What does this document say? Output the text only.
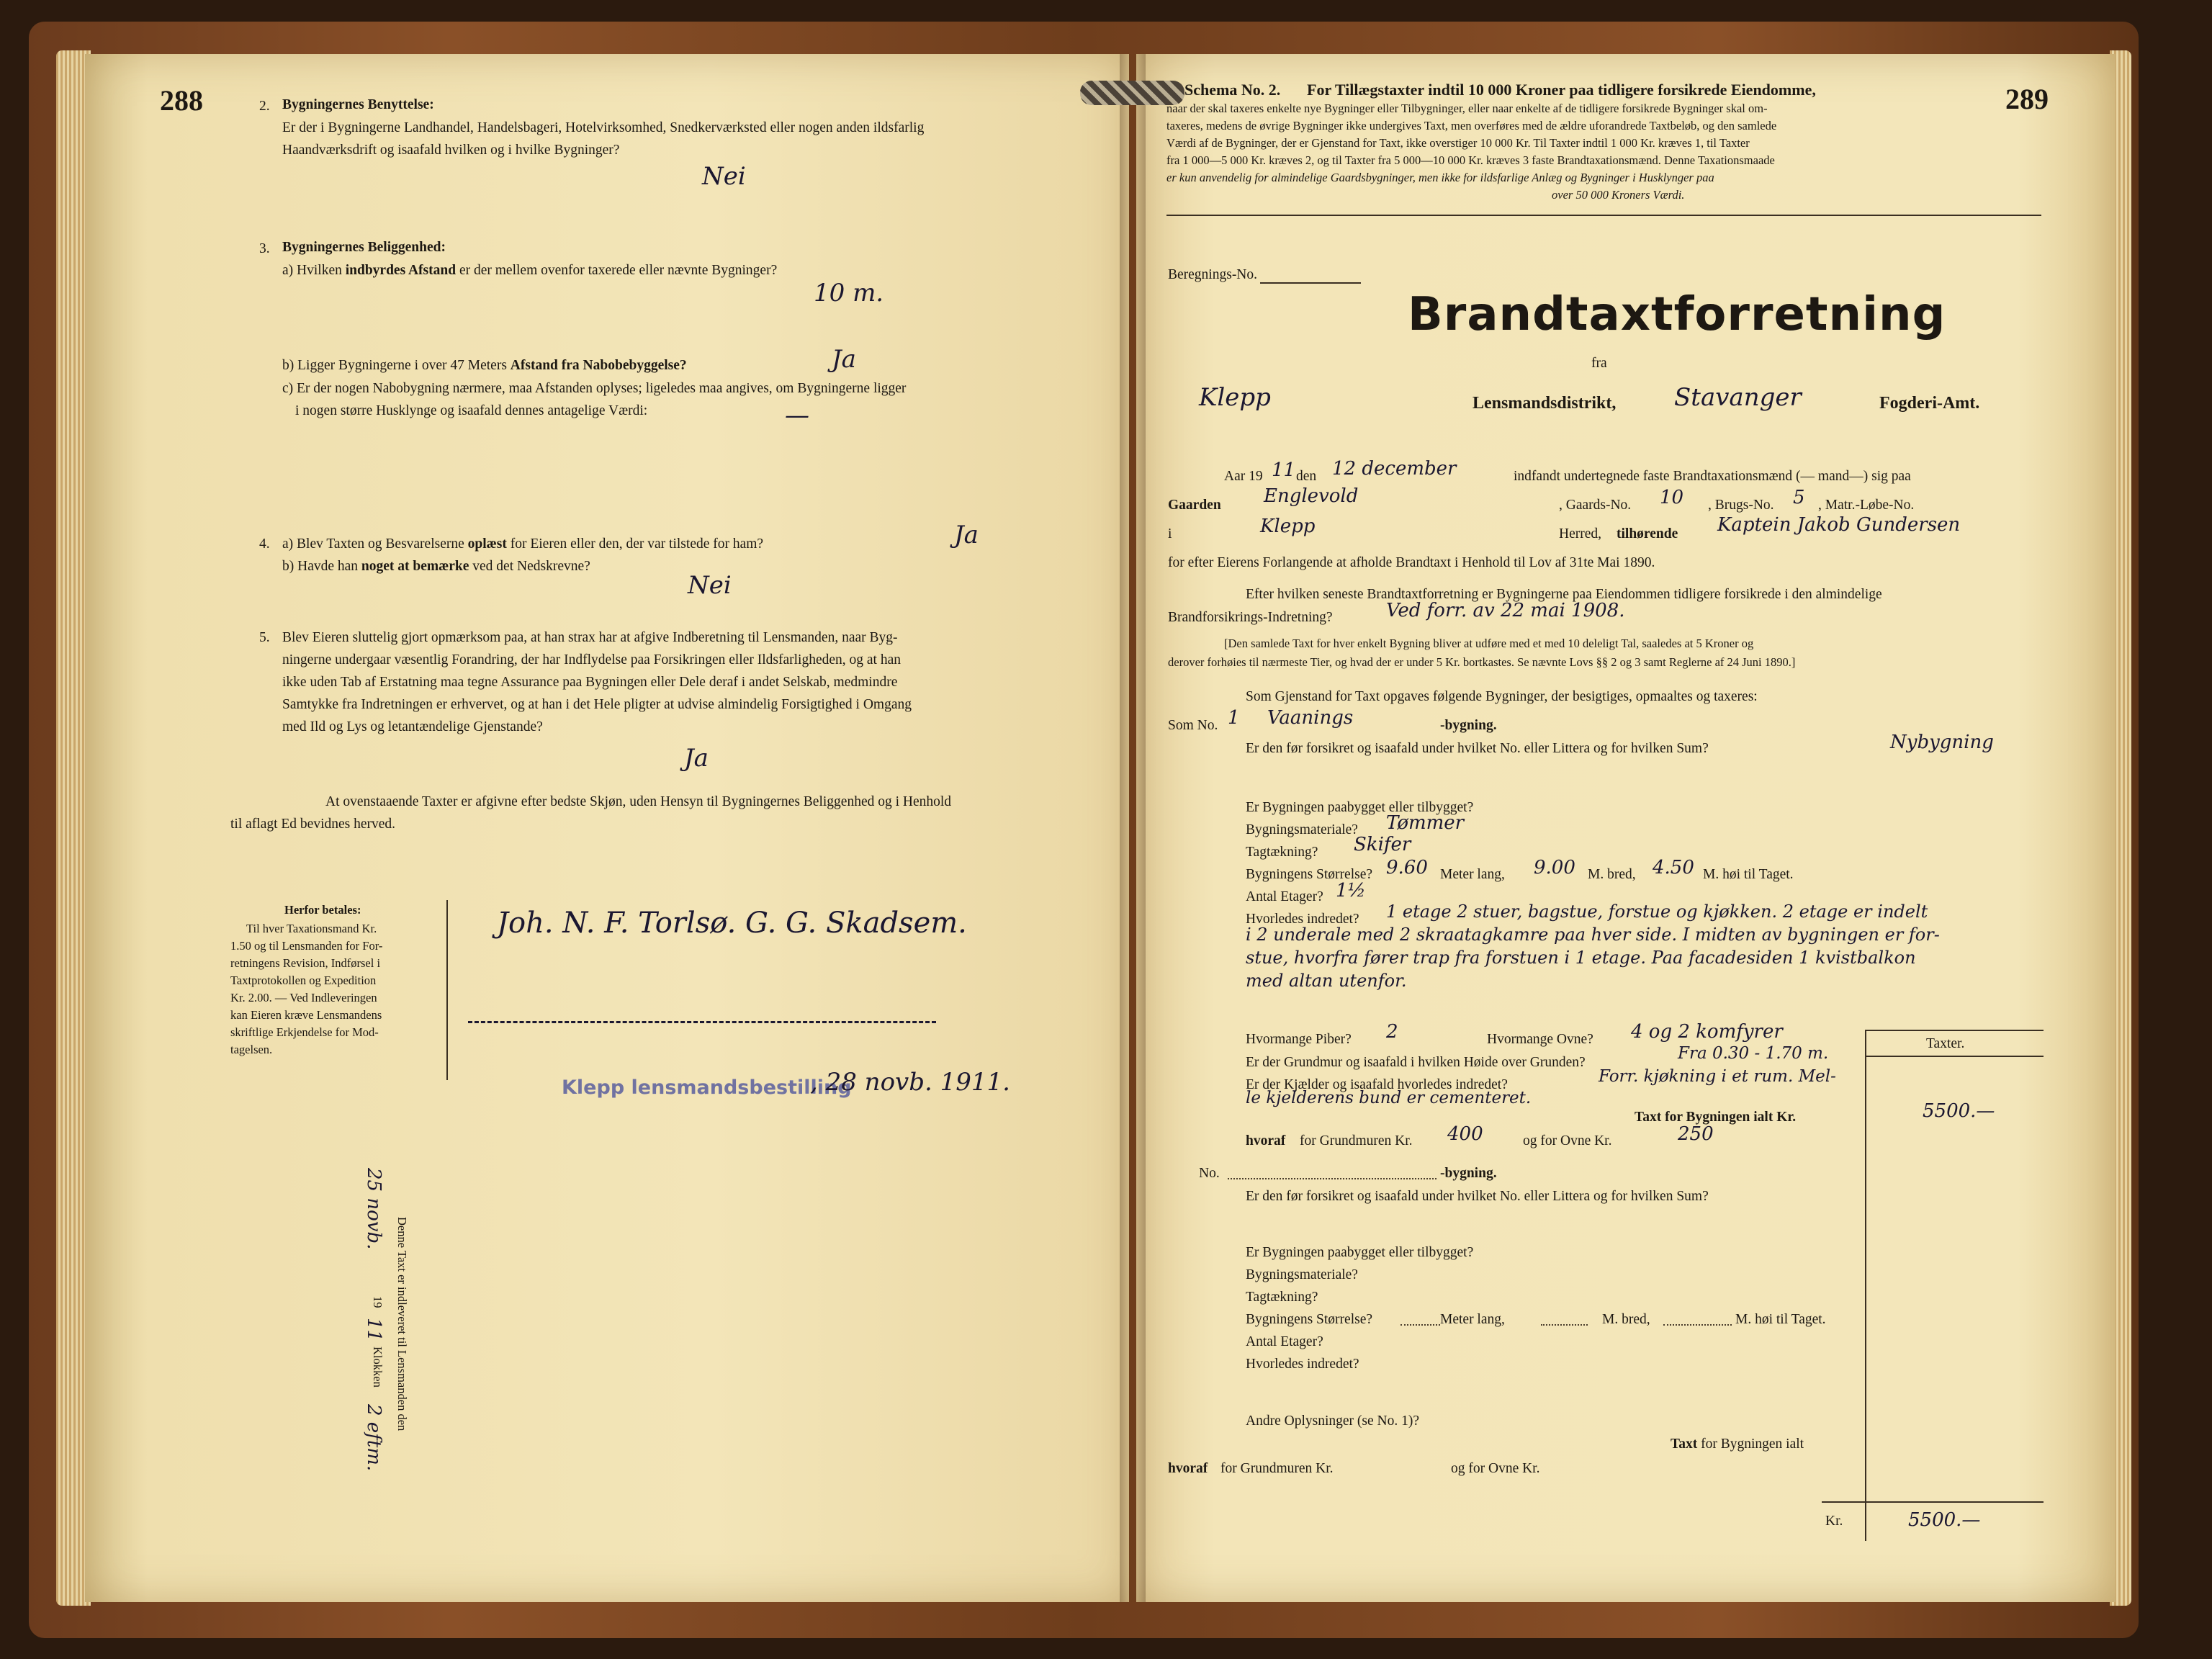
288	2. Bygningernes Benyttelse:
Er der i Bygningerne Landhandel, Handelsbageri, Hotelvirksomhed, Snedkerværksted eller nogen anden ildsfarlig
Haandværksdrift og isaafald hvilken og i hvilke Bygninger?
Nei
3. Bygningernes Beliggenhed:
a) Hvilken indbyrdes Afstand er der mellem ovenfor taxerede eller nævnte Bygninger?
10 m.
b) Ligger Bygningerne i over 47 Meters Afstand fra Nabobebyggelse?	Ja
c) Er der nogen Nabobygning nærmere, maa Afstanden oplyses; ligeledes maa angives, om Bygningerne ligger
i nogen større Husklynge og isaafald dennes antagelige Værdi:	—
4. a) Blev Taxten og Besvarelserne oplæst for Eieren eller den, der var tilstede for ham?	Ja
b) Havde han noget at bemærke ved det Nedskrevne?
Nei
5. Blev Eieren sluttelig gjort opmærksom paa, at han strax har at afgive Indberetning til Lensmanden, naar Byg-
ningerne undergaar væsentlig Forandring, der har Indflydelse paa Forsikringen eller Ildsfarligheden, og at han
ikke uden Tab af Erstatning maa tegne Assurance paa Bygningen eller Dele deraf i andet Selskab, medmindre
Samtykke fra Indretningen er erhvervet, og at han i det Hele pligter at udvise almindelig Forsigtighed i Omgang
med Ild og Lys og letantændelige Gjenstande?
Ja
At ovenstaaende Taxter er afgivne efter bedste Skjøn, uden Hensyn til Bygningernes Beliggenhed og i Henhold
til aflagt Ed bevidnes herved.
Herfor betales:
Til hver Taxationsmand Kr.
1.50 og til Lensmanden for For-
retningens Revision, Indførsel i
Taxtprotokollen og Expedition
Kr. 2.00. — Ved Indleveringen
kan Eieren kræve Lensmandens
skriftlige Erkjendelse for Mod-
tagelsen.
Joh. N. F. Torlsø. G. G. Skadsem.
Klepp lensmandsbestilling
, 28 novb. 1911.
Denne Taxt er indleveret til Lensmanden den
25 novb.
19
11
Klokken
2 eftm.
Schema No. 2. For Tillægstaxter indtil 10 000 Kroner paa tidligere forsikrede Eiendomme,	289
naar der skal taxeres enkelte nye Bygninger eller Tilbygninger, eller naar enkelte af de tidligere forsikrede Bygninger skal om-
taxeres, medens de øvrige Bygninger ikke undergives Taxt, men overføres med de ældre uforandrede Taxtbeløb, og den samlede
Værdi af de Bygninger, der er Gjenstand for Taxt, ikke overstiger 10 000 Kr. Til Taxter indtil 1 000 Kr. kræves 1, til Taxter
fra 1 000—5 000 Kr. kræves 2, og til Taxter fra 5 000—10 000 Kr. kræves 3 faste Brandtaxationsmænd. Denne Taxationsmaade
er kun anvendelig for almindelige Gaardsbygninger, men ikke for ildsfarlige Anlæg og Bygninger i Husklynger paa
over 50 000 Kroners Værdi.
Beregnings-No.
Brandtaxtforretning
fra
Klepp	Lensmandsdistrikt, Stavanger	Fogderi-Amt.
Aar 19 11 den 12 december	indfandt undertegnede faste Brandtaxationsmænd (— mand—) sig paa
Gaarden Englevold	, Gaards-No. 10 , Brugs-No. 5 , Matr.-Løbe-No.
i	Klepp	Herred, tilhørende Kaptein Jakob Gundersen
for efter Eierens Forlangende at afholde Brandtaxt i Henhold til Lov af 31te Mai 1890.
Efter hvilken seneste Brandtaxtforretning er Bygningerne paa Eiendommen tidligere forsikrede i den almindelige
Brandforsikrings-Indretning?	Ved forr. av 22 mai 1908.
[Den samlede Taxt for hver enkelt Bygning bliver at udføre med et med 10 deleligt Tal, saaledes at 5 Kroner og
derover forhøies til nærmeste Tier, og hvad der er under 5 Kr. bortkastes. Se nævnte Lovs §§ 2 og 3 samt Reglerne af 24 Juni 1890.]
Som Gjenstand for Taxt opgaves følgende Bygninger, der besigtiges, opmaaltes og taxeres:
Som No. 1 Vaanings	-bygning.
Er den før forsikret og isaafald under hvilket No. eller Littera og for hvilken Sum?	Nybygning
Er Bygningen paabygget eller tilbygget?
Bygningsmateriale? Tømmer
Tagtækning? Skifer
Bygningens Størrelse? 9.60 Meter lang, 9.00 M. bred, 4.50 M. høi til Taget.
Antal Etager? 1½
Hvorledes indredet? 1 etage 2 stuer, bagstue, forstue og kjøkken. 2 etage er indelt
i 2 underale med 2 skraatagkamre paa hver side. I midten av bygningen er for-
stue, hvorfra fører trap fra forstuen i 1 etage. Paa facadesiden 1 kvistbalkon
med altan utenfor.
Hvormange Piber? 2	Hvormange Ovne? 4 og 2 komfyrer
Er der Grundmur og isaafald i hvilken Høide over Grunden?	Fra 0.30 - 1.70 m.
Er der Kjælder og isaafald hvorledes indredet?	Forr. kjøkning i et rum. Mel-
le kjelderens bund er cementeret.
Taxt for Bygningen ialt Kr.	5500.—
hvoraf for Grundmuren Kr. 400	og for Ovne Kr.	250
No.	-bygning.
Er den før forsikret og isaafald under hvilket No. eller Littera og for hvilken Sum?
Er Bygningen paabygget eller tilbygget?
Bygningsmateriale?
Tagtækning?
Bygningens Størrelse?	Meter lang,	M. bred,	M. høi til Taget.
Antal Etager?
Hvorledes indredet?
Andre Oplysninger (se No. 1)?
Taxt for Bygningen ialt
hvoraf for Grundmuren Kr.	og for Ovne Kr.
Taxter.
Kr.	5500.—
